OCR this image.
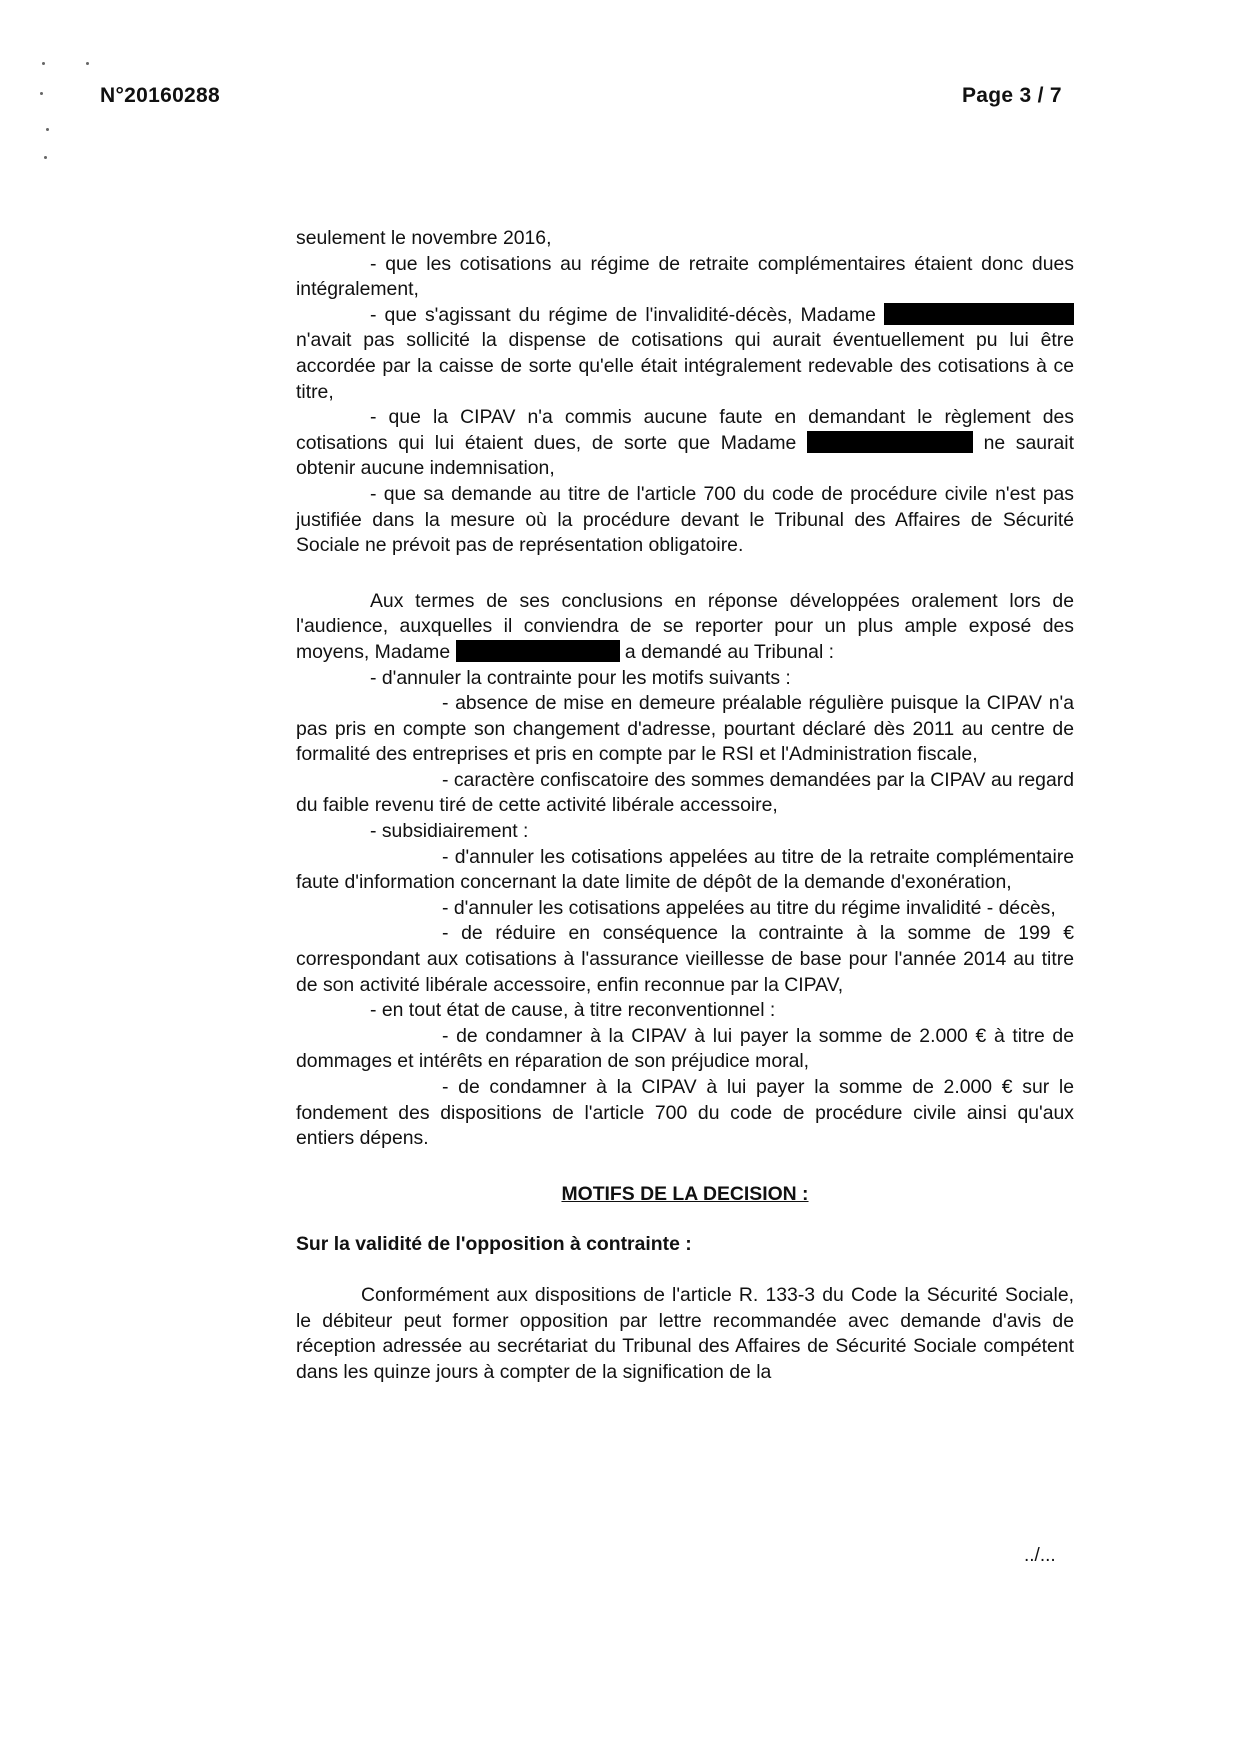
N°20160288	Page 3 / 7

seulement le novembre 2016,

- que les cotisations au régime de retraite complémentaires étaient donc dues intégralement,

- que s'agissant du régime de l'invalidité-décès, Madame  n'avait pas sollicité la dispense de cotisations qui aurait éventuellement pu lui être accordée par la caisse de sorte qu'elle était intégralement redevable des cotisations à ce titre,

- que la CIPAV n'a commis aucune faute en demandant le règlement des cotisations qui lui étaient dues, de sorte que Madame	ne saurait obtenir aucune indemnisation,

- que sa demande au titre de l'article 700 du code de procédure civile n'est pas justifiée dans la mesure où la procédure devant le Tribunal des Affaires de Sécurité Sociale ne prévoit pas de représentation obligatoire.

Aux termes de ses conclusions en réponse développées oralement lors de l'audience, auxquelles il conviendra de se reporter pour un plus ample exposé des moyens, Madame	a demandé au Tribunal :

- d'annuler la contrainte pour les motifs suivants :

- absence de mise en demeure préalable régulière puisque la CIPAV n'a pas pris en compte son changement d'adresse, pourtant déclaré dès 2011 au centre de formalité des entreprises et pris en compte par le RSI et l'Administration fiscale,

- caractère confiscatoire des sommes demandées par la CIPAV au regard du faible revenu tiré de cette activité libérale accessoire,

- subsidiairement :

- d'annuler les cotisations appelées au titre de la retraite complémentaire faute d'information concernant la date limite de dépôt de la demande d'exonération,

- d'annuler les cotisations appelées au titre du régime invalidité - décès,

- de réduire en conséquence la contrainte à la somme de 199 € correspondant aux cotisations à l'assurance vieillesse de base pour l'année 2014 au titre de son activité libérale accessoire, enfin reconnue par la CIPAV,

- en tout état de cause, à titre reconventionnel :

- de condamner à la CIPAV à lui payer la somme de 2.000 € à titre de dommages et intérêts en réparation de son préjudice moral,

- de condamner à la CIPAV à lui payer la somme de 2.000 € sur le fondement des dispositions de l'article 700 du code de procédure civile ainsi qu'aux entiers dépens.

MOTIFS DE LA DECISION :

Sur la validité de l'opposition à contrainte :

Conformément aux dispositions de l'article R. 133-3 du Code la Sécurité Sociale, le débiteur peut former opposition par lettre recommandée avec demande d'avis de réception adressée au secrétariat du Tribunal des Affaires de Sécurité Sociale compétent dans les quinze jours à compter de la signification de la

../...
